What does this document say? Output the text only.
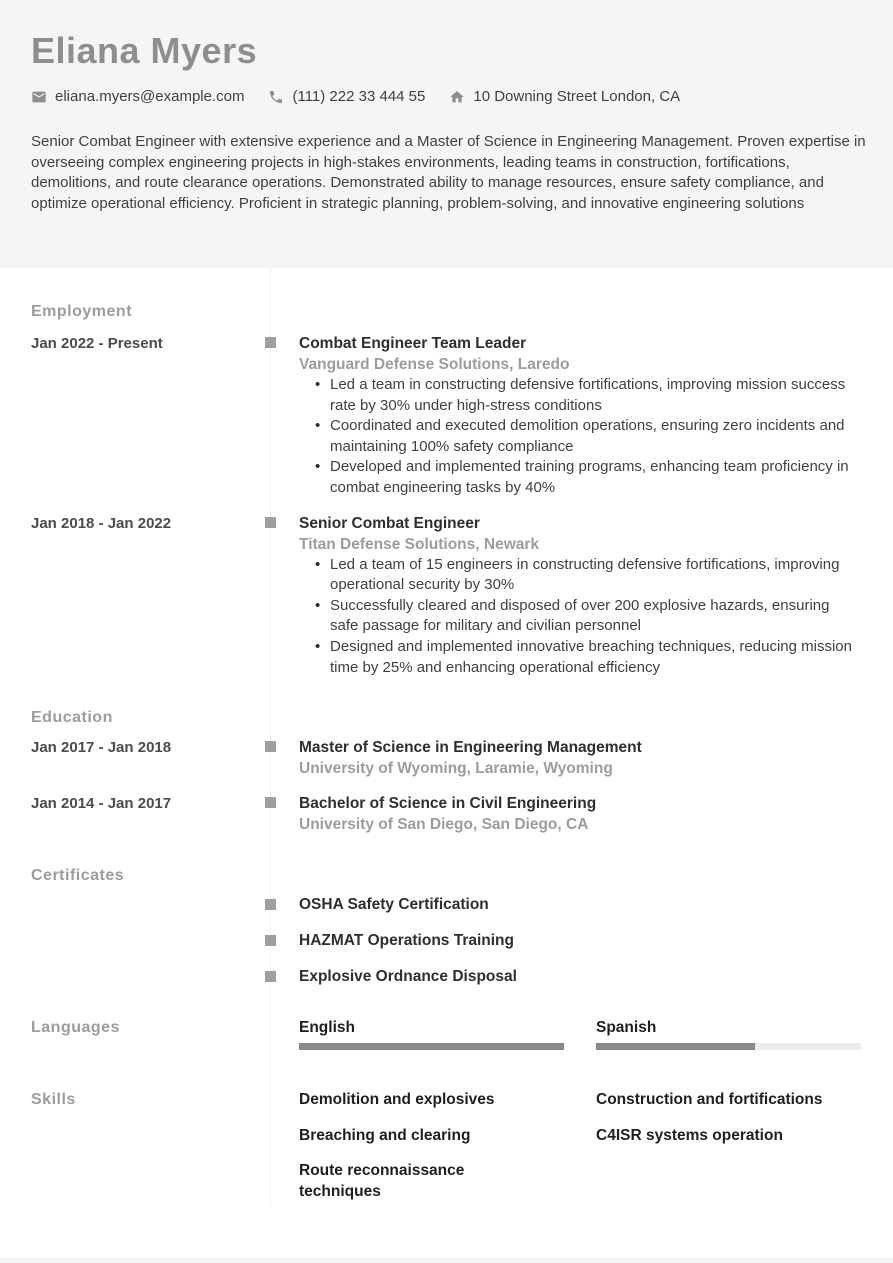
Eliana Myers
eliana.myers@example.com	(111) 222 33 444 55	10 Downing Street London, CA

Senior Combat Engineer with extensive experience and a Master of Science in Engineering Management. Proven expertise in overseeing complex engineering projects in high-stakes environments, leading teams in construction, fortifications, demolitions, and route clearance operations. Demonstrated ability to manage resources, ensure safety compliance, and optimize operational efficiency. Proficient in strategic planning, problem-solving, and innovative engineering solutions

Employment
Jan 2022 - Present	Combat Engineer Team Leader
Vanguard Defense Solutions, Laredo
• Led a team in constructing defensive fortifications, improving mission success rate by 30% under high-stress conditions
• Coordinated and executed demolition operations, ensuring zero incidents and maintaining 100% safety compliance
• Developed and implemented training programs, enhancing team proficiency in combat engineering tasks by 40%
Jan 2018 - Jan 2022	Senior Combat Engineer
Titan Defense Solutions, Newark
• Led a team of 15 engineers in constructing defensive fortifications, improving operational security by 30%
• Successfully cleared and disposed of over 200 explosive hazards, ensuring safe passage for military and civilian personnel
• Designed and implemented innovative breaching techniques, reducing mission time by 25% and enhancing operational efficiency
Education
Jan 2017 - Jan 2018	Master of Science in Engineering Management
University of Wyoming, Laramie, Wyoming
Jan 2014 - Jan 2017	Bachelor of Science in Civil Engineering
University of San Diego, San Diego, CA
Certificates
OSHA Safety Certification
HAZMAT Operations Training
Explosive Ordnance Disposal
Languages	English	Spanish
Skills	Demolition and explosives	Construction and fortifications
Breaching and clearing	C4ISR systems operation
Route reconnaissance techniques
